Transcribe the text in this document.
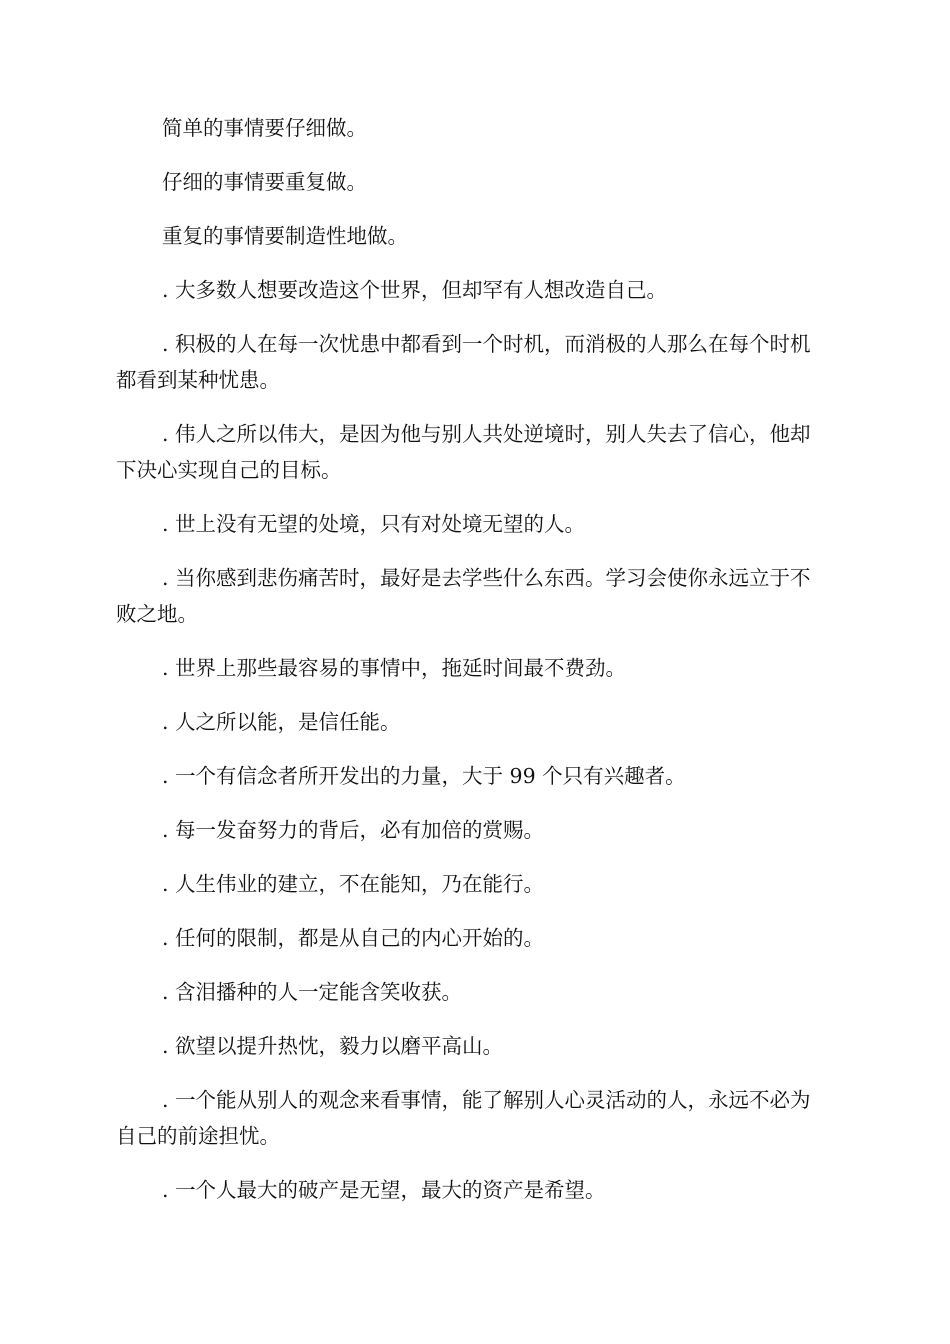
简单的事情要仔细做。

仔细的事情要重复做。

重复的事情要制造性地做。

. 大多数人想要改造这个世界，但却罕有人想改造自己。

. 积极的人在每一次忧患中都看到一个时机，而消极的人那么在每个时机都看到某种忧患。

. 伟人之所以伟大，是因为他与别人共处逆境时，别人失去了信心，他却下决心实现自己的目标。

. 世上没有无望的处境，只有对处境无望的人。

. 当你感到悲伤痛苦时，最好是去学些什么东西。学习会使你永远立于不败之地。

. 世界上那些最容易的事情中，拖延时间最不费劲。

. 人之所以能，是信任能。

. 一个有信念者所开发出的力量，大于 99 个只有兴趣者。

. 每一发奋努力的背后，必有加倍的赏赐。

. 人生伟业的建立，不在能知，乃在能行。

. 任何的限制，都是从自己的内心开始的。

. 含泪播种的人一定能含笑收获。

. 欲望以提升热忱，毅力以磨平高山。

. 一个能从别人的观念来看事情，能了解别人心灵活动的人，永远不必为自己的前途担忧。

. 一个人最大的破产是无望，最大的资产是希望。
